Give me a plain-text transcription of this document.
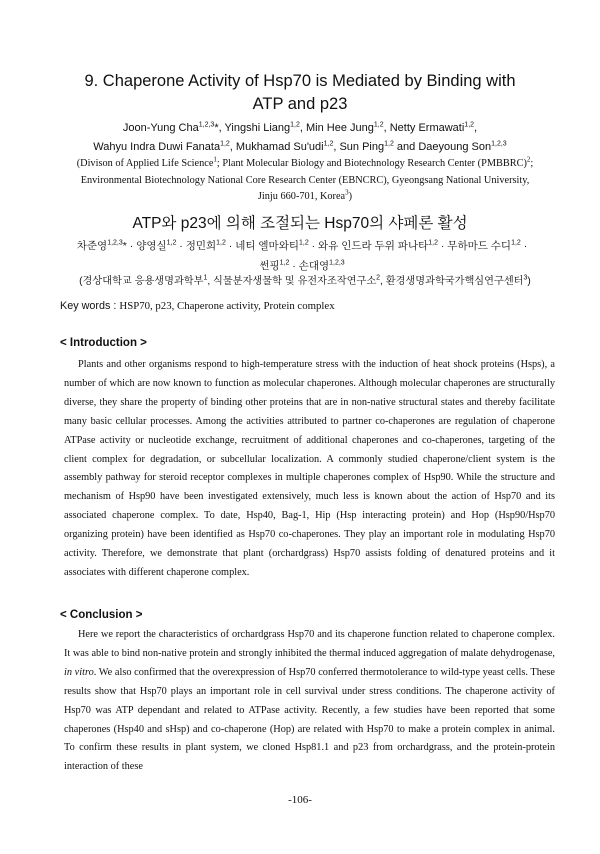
9. Chaperone Activity of Hsp70 is Mediated by Binding with
ATP and p23
Joon-Yung Cha$^{1,2,3}$*, Yingshi Liang$^{1,2}$, Min Hee Jung$^{1,2}$, Netty Ermawati$^{1,2}$,
Wahyu Indra Duwi Fanata$^{1,2}$, Mukhamad Su'udi$^{1,2}$, Sun Ping$^{1,2}$ and Daeyoung Son$^{1,2,3}$
(Divison of Applied Life Science$^1$; Plant Molecular Biology and Biotechnology Research Center (PMBBRC)$^2$;
Environmental Biotechnology National Core Research Center (EBNCRC), Gyeongsang National University,
Jinju 660-701, Korea$^3$)
ATP와 p23에 의해 조절되는 Hsp70의 샤페론 활성
차준영$^{1,2,3}$* · 양영실$^{1,2}$ · 정민희$^{1,2}$ · 네티 엘마와티$^{1,2}$ · 와유 인드라 두위 파나타$^{1,2}$ · 무하마드 수디$^{1,2}$ ·
썬핑$^{1,2}$ · 손대영$^{1,2,3}$
(경상대학교 응용생명과학부$^1$, 식물분자생물학 및 유전자조작연구소$^2$, 환경생명과학국가핵심연구센터$^3$)
Key words : HSP70, p23, Chaperone activity, Protein complex
< Introduction >
Plants and other organisms respond to high-temperature stress with the induction of heat shock proteins (Hsps), a number of which are now known to function as molecular chaperones. Although molecular chaperones are structurally diverse, they share the property of binding other proteins that are in non-native structural states and thereby facilitate many basic cellular processes. Among the activities attributed to partner co-chaperones are regulation of chaperone ATPase activity or nucleotide exchange, recruitment of additional chaperones and co-chaperones, targeting of the client complex for degradation, or subcellular localization. A commonly studied chaperone/client system is the assembly pathway for steroid receptor complexes in multiple chaperones complex of Hsp90. While the structure and mechanism of Hsp90 have been investigated extensively, much less is known about the action of Hsp70 and its associated chaperone complex. To date, Hsp40, Bag-1, Hip (Hsp interacting protein) and Hop (Hsp90/Hsp70 organizing protein) have been identified as Hsp70 co-chaperones. They play an important role in modulating Hsp70 activity. Therefore, we demonstrate that plant (orchardgrass) Hsp70 assists folding of denatured proteins and it associates with different chaperone complex.
< Conclusion >
Here we report the characteristics of orchardgrass Hsp70 and its chaperone function related to chaperone complex. It was able to bind non-native protein and strongly inhibited the thermal induced aggregation of malate dehydrogenase, in vitro. We also confirmed that the overexpression of Hsp70 conferred thermotolerance to wild-type yeast cells. These results show that Hsp70 plays an important role in cell survival under stress conditions. The chaperone activity of Hsp70 was ATP dependant and related to ATPase activity. Recently, a few studies have been reported that some chaperones (Hsp40 and sHsp) and co-chaperone (Hop) are related with Hsp70 to make a protein complex in animal. To confirm these results in plant system, we cloned Hsp81.1 and p23 from orchardgrass, and the protein-protein interaction of these
-106-
